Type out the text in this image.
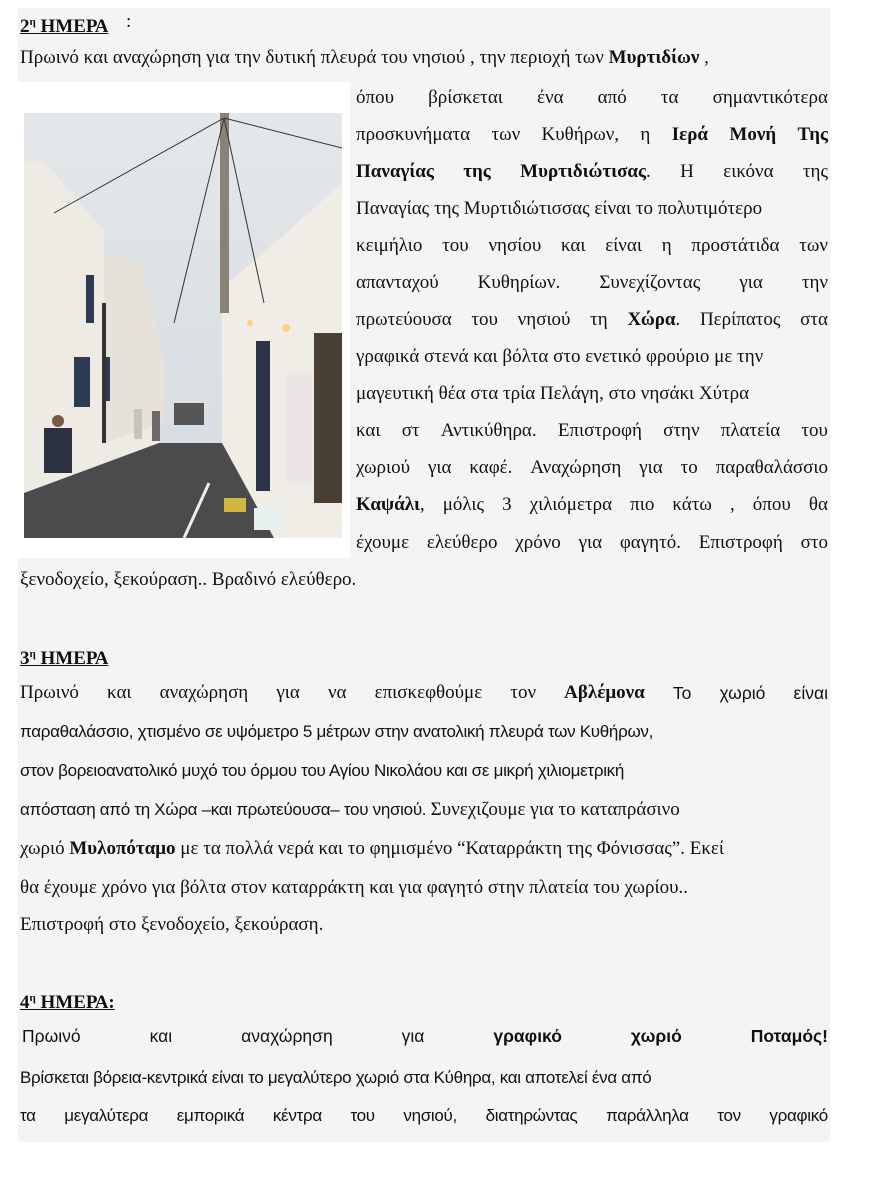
$2^\eta$ ΗΜΕΡΑ :
Πρωινό και αναχώρηση για την δυτική πλευρά του νησιού , την περιοχή των Μυρτιδίων ,
όπου βρίσκεται ένα από τα σημαντικότερα
προσκυνήματα των Κυθήρων, η Ιερά Μονή Της
Παναγίας της Μυρτιδιώτισας. Η εικόνα της
Παναγίας της Μυρτιδιώτισσας είναι το πολυτιμότερο
κειμήλιο του νησίου και είναι η προστάτιδα των
απανταχού Κυθηρίων. Συνεχίζοντας για την
πρωτεύουσα του νησιού τη Χώρα. Περίπατος στα
γραφικά στενά και βόλτα στο ενετικό φρούριο με την
μαγευτική θέα στα τρία Πελάγη, στο νησάκι Χύτρα
και στ Αντικύθηρα. Επιστροφή στην πλατεία του
χωριού για καφέ. Αναχώρηση για το παραθαλάσσιο
Καψάλι, μόλις 3 χιλιόμετρα πιο κάτω , όπου θα
έχουμε ελεύθερο χρόνο για φαγητό. Επιστροφή στο
ξενοδοχείο, ξεκούραση.. Βραδινό ελεύθερο.
$3^\eta$ ΗΜΕΡΑ
Πρωινό και αναχώρηση για να επισκεφθούμε τον Αβλέμονα Το χωριό είναι
παραθαλάσσιο, χτισμένο σε υψόμετρο 5 μέτρων στην ανατολική πλευρά των Κυθήρων,
στον βορειοανατολικό μυχό του όρμου του Αγίου Νικολάου και σε μικρή χιλιομετρική
απόσταση από τη Χώρα –και πρωτεύουσα– του νησιού. Συνεχιζουμε για το καταπράσινο
χωριό Μυλοπόταμο με τα πολλά νερά και το φημισμένο “Καταρράκτη της Φόνισσας”. Εκεί
θα έχουμε χρόνο για βόλτα στον καταρράκτη και για φαγητό στην πλατεία του χωρίου..
Επιστροφή στο ξενοδοχείο, ξεκούραση.
$4^\eta$ ΗΜΕΡΑ:
Πρωινό	και	αναχώρηση	για	γραφικό	χωριό	Ποταμός!
Βρίσκεται βόρεια-κεντρικά είναι το μεγαλύτερο χωριό στα Κύθηρα, και αποτελεί ένα από
τα μεγαλύτερα εμπορικά κέντρα του νησιού, διατηρώντας παράλληλα τον γραφικό
